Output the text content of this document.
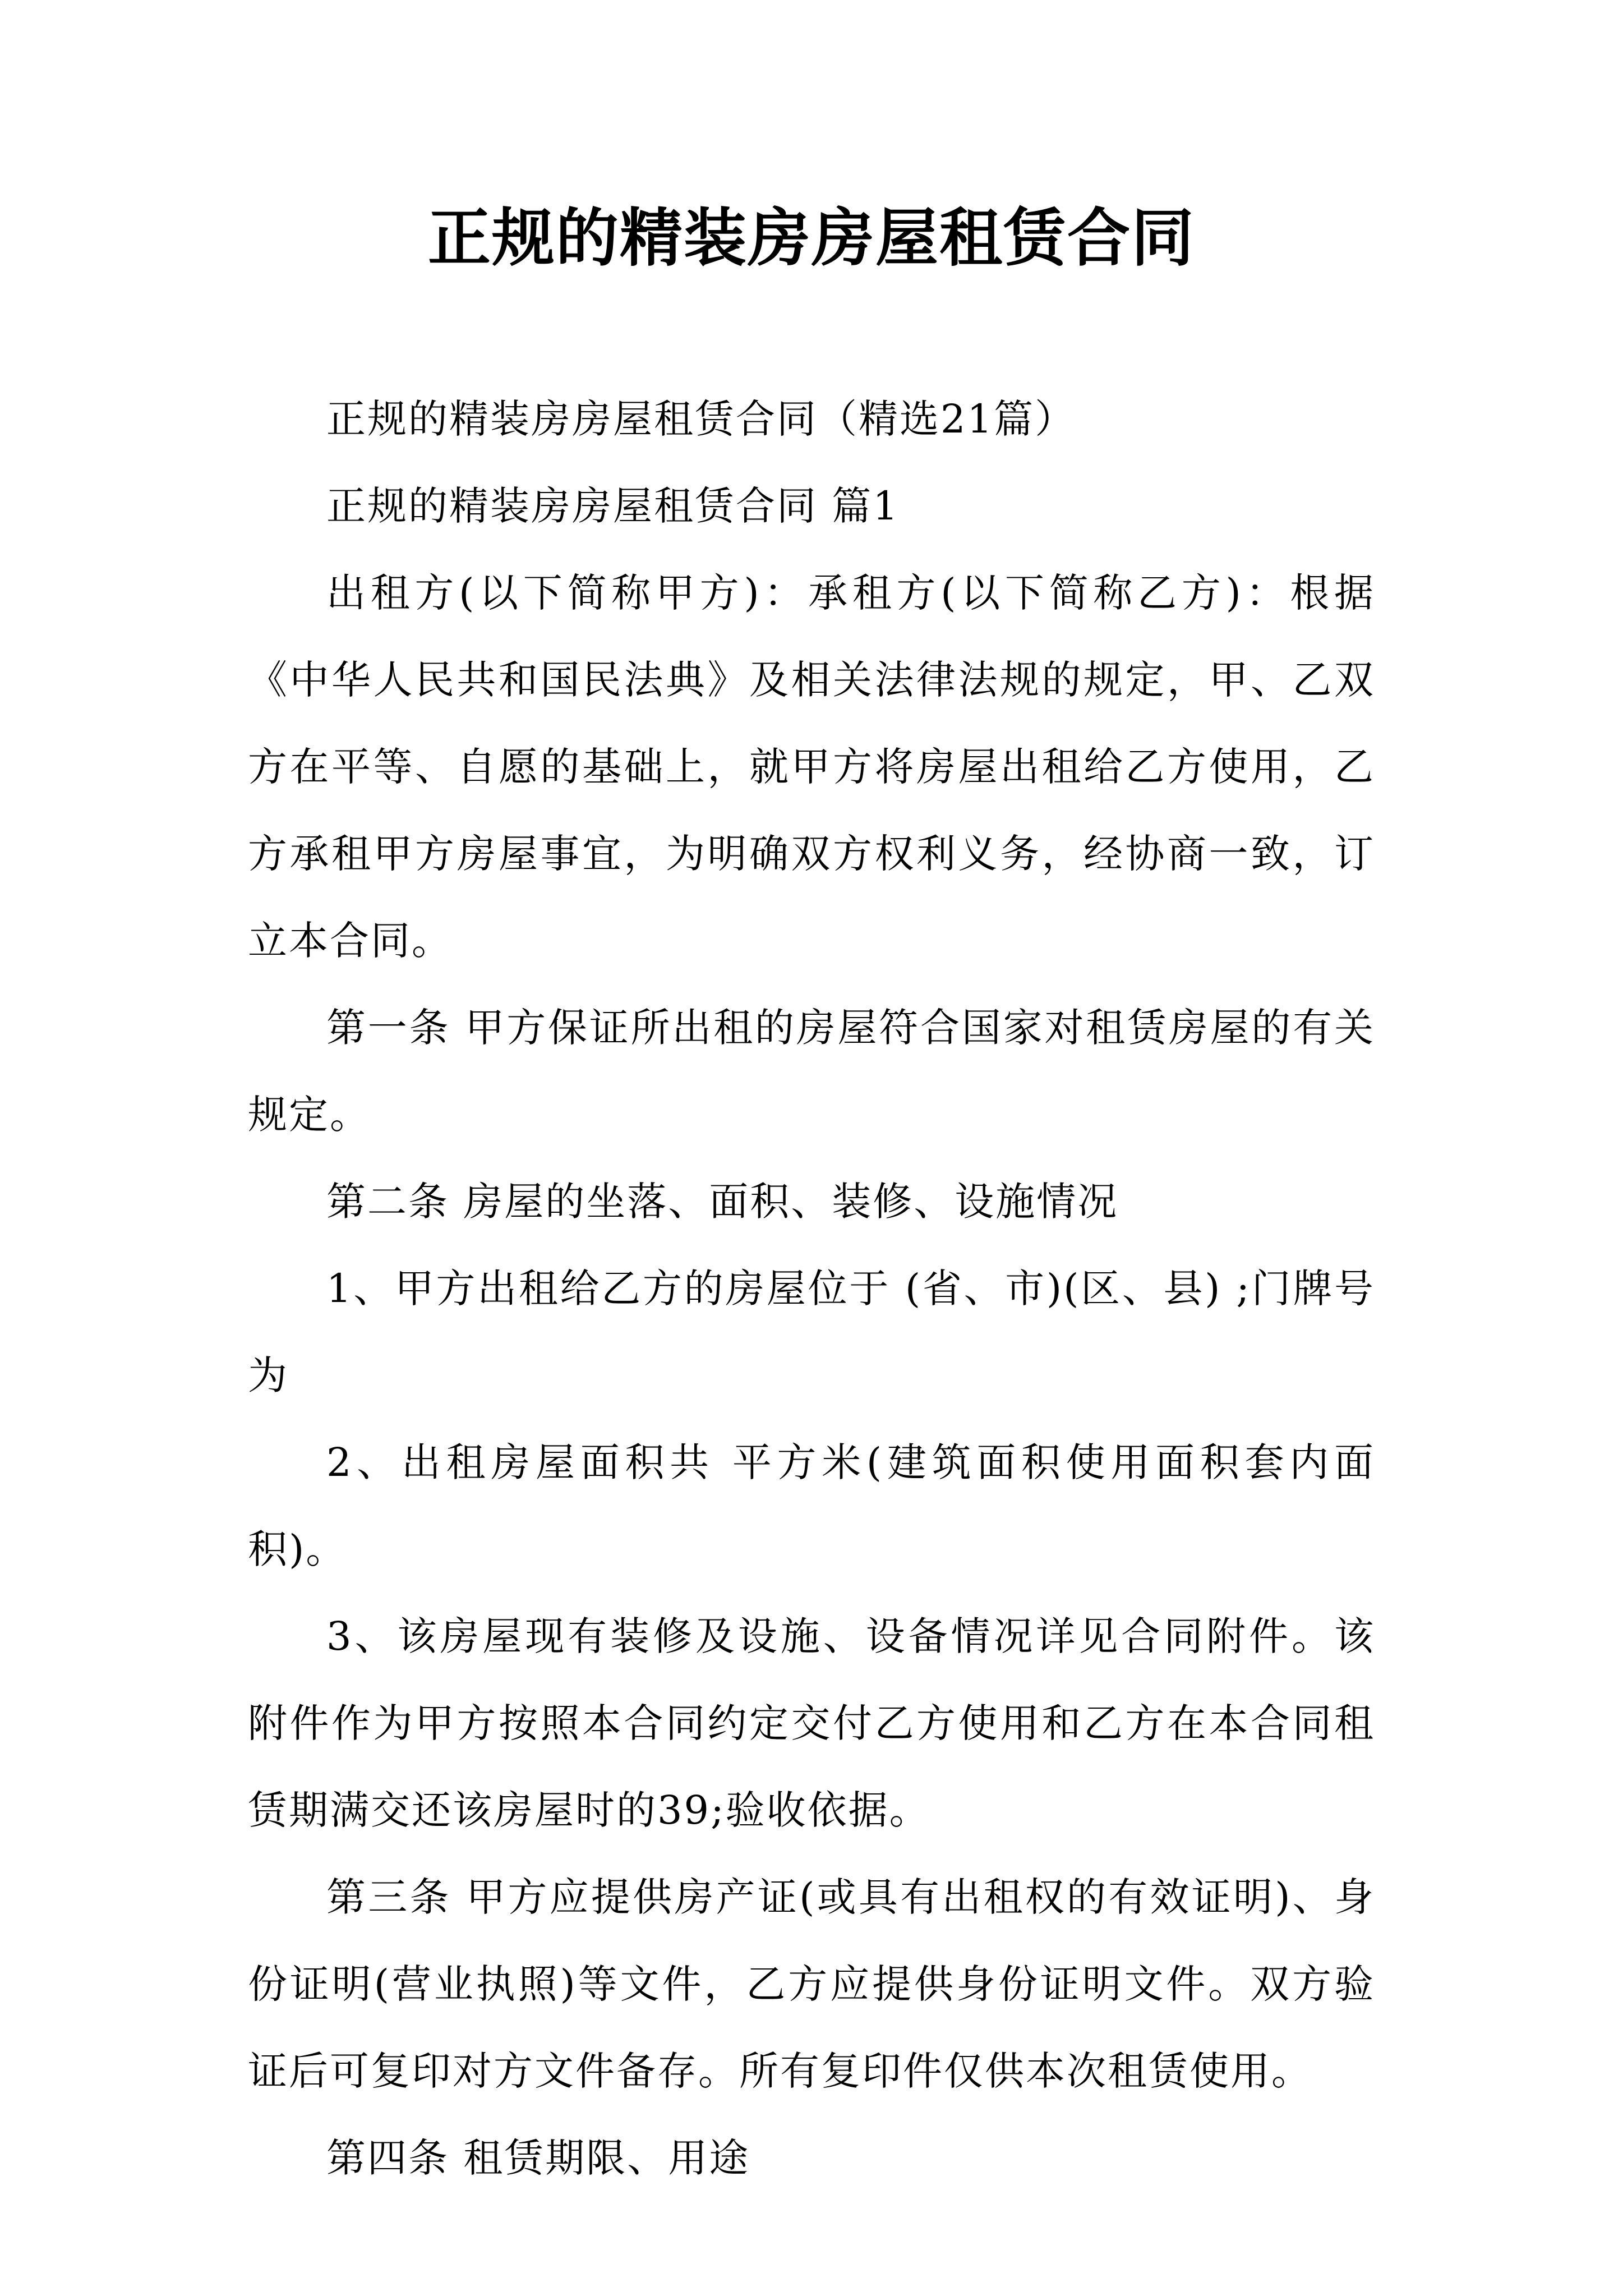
正规的精装房房屋租赁合同

正规的精装房房屋租赁合同（精选21篇）

正规的精装房房屋租赁合同 篇1

出租方(以下简称甲方)：承租方(以下简称乙方)：根据《中华人民共和国民法典》及相关法律法规的规定，甲、乙双方在平等、自愿的基础上，就甲方将房屋出租给乙方使用，乙方承租甲方房屋事宜，为明确双方权利义务，经协商一致，订立本合同。

第一条 甲方保证所出租的房屋符合国家对租赁房屋的有关规定。

第二条 房屋的坐落、面积、装修、设施情况

1、甲方出租给乙方的房屋位于 (省、市)(区、县) ;门牌号为

2、出租房屋面积共 平方米(建筑面积使用面积套内面积)。

3、该房屋现有装修及设施、设备情况详见合同附件。该附件作为甲方按照本合同约定交付乙方使用和乙方在本合同租赁期满交还该房屋时的39;验收依据。

第三条 甲方应提供房产证(或具有出租权的有效证明)、身份证明(营业执照)等文件，乙方应提供身份证明文件。双方验证后可复印对方文件备存。所有复印件仅供本次租赁使用。

第四条 租赁期限、用途
